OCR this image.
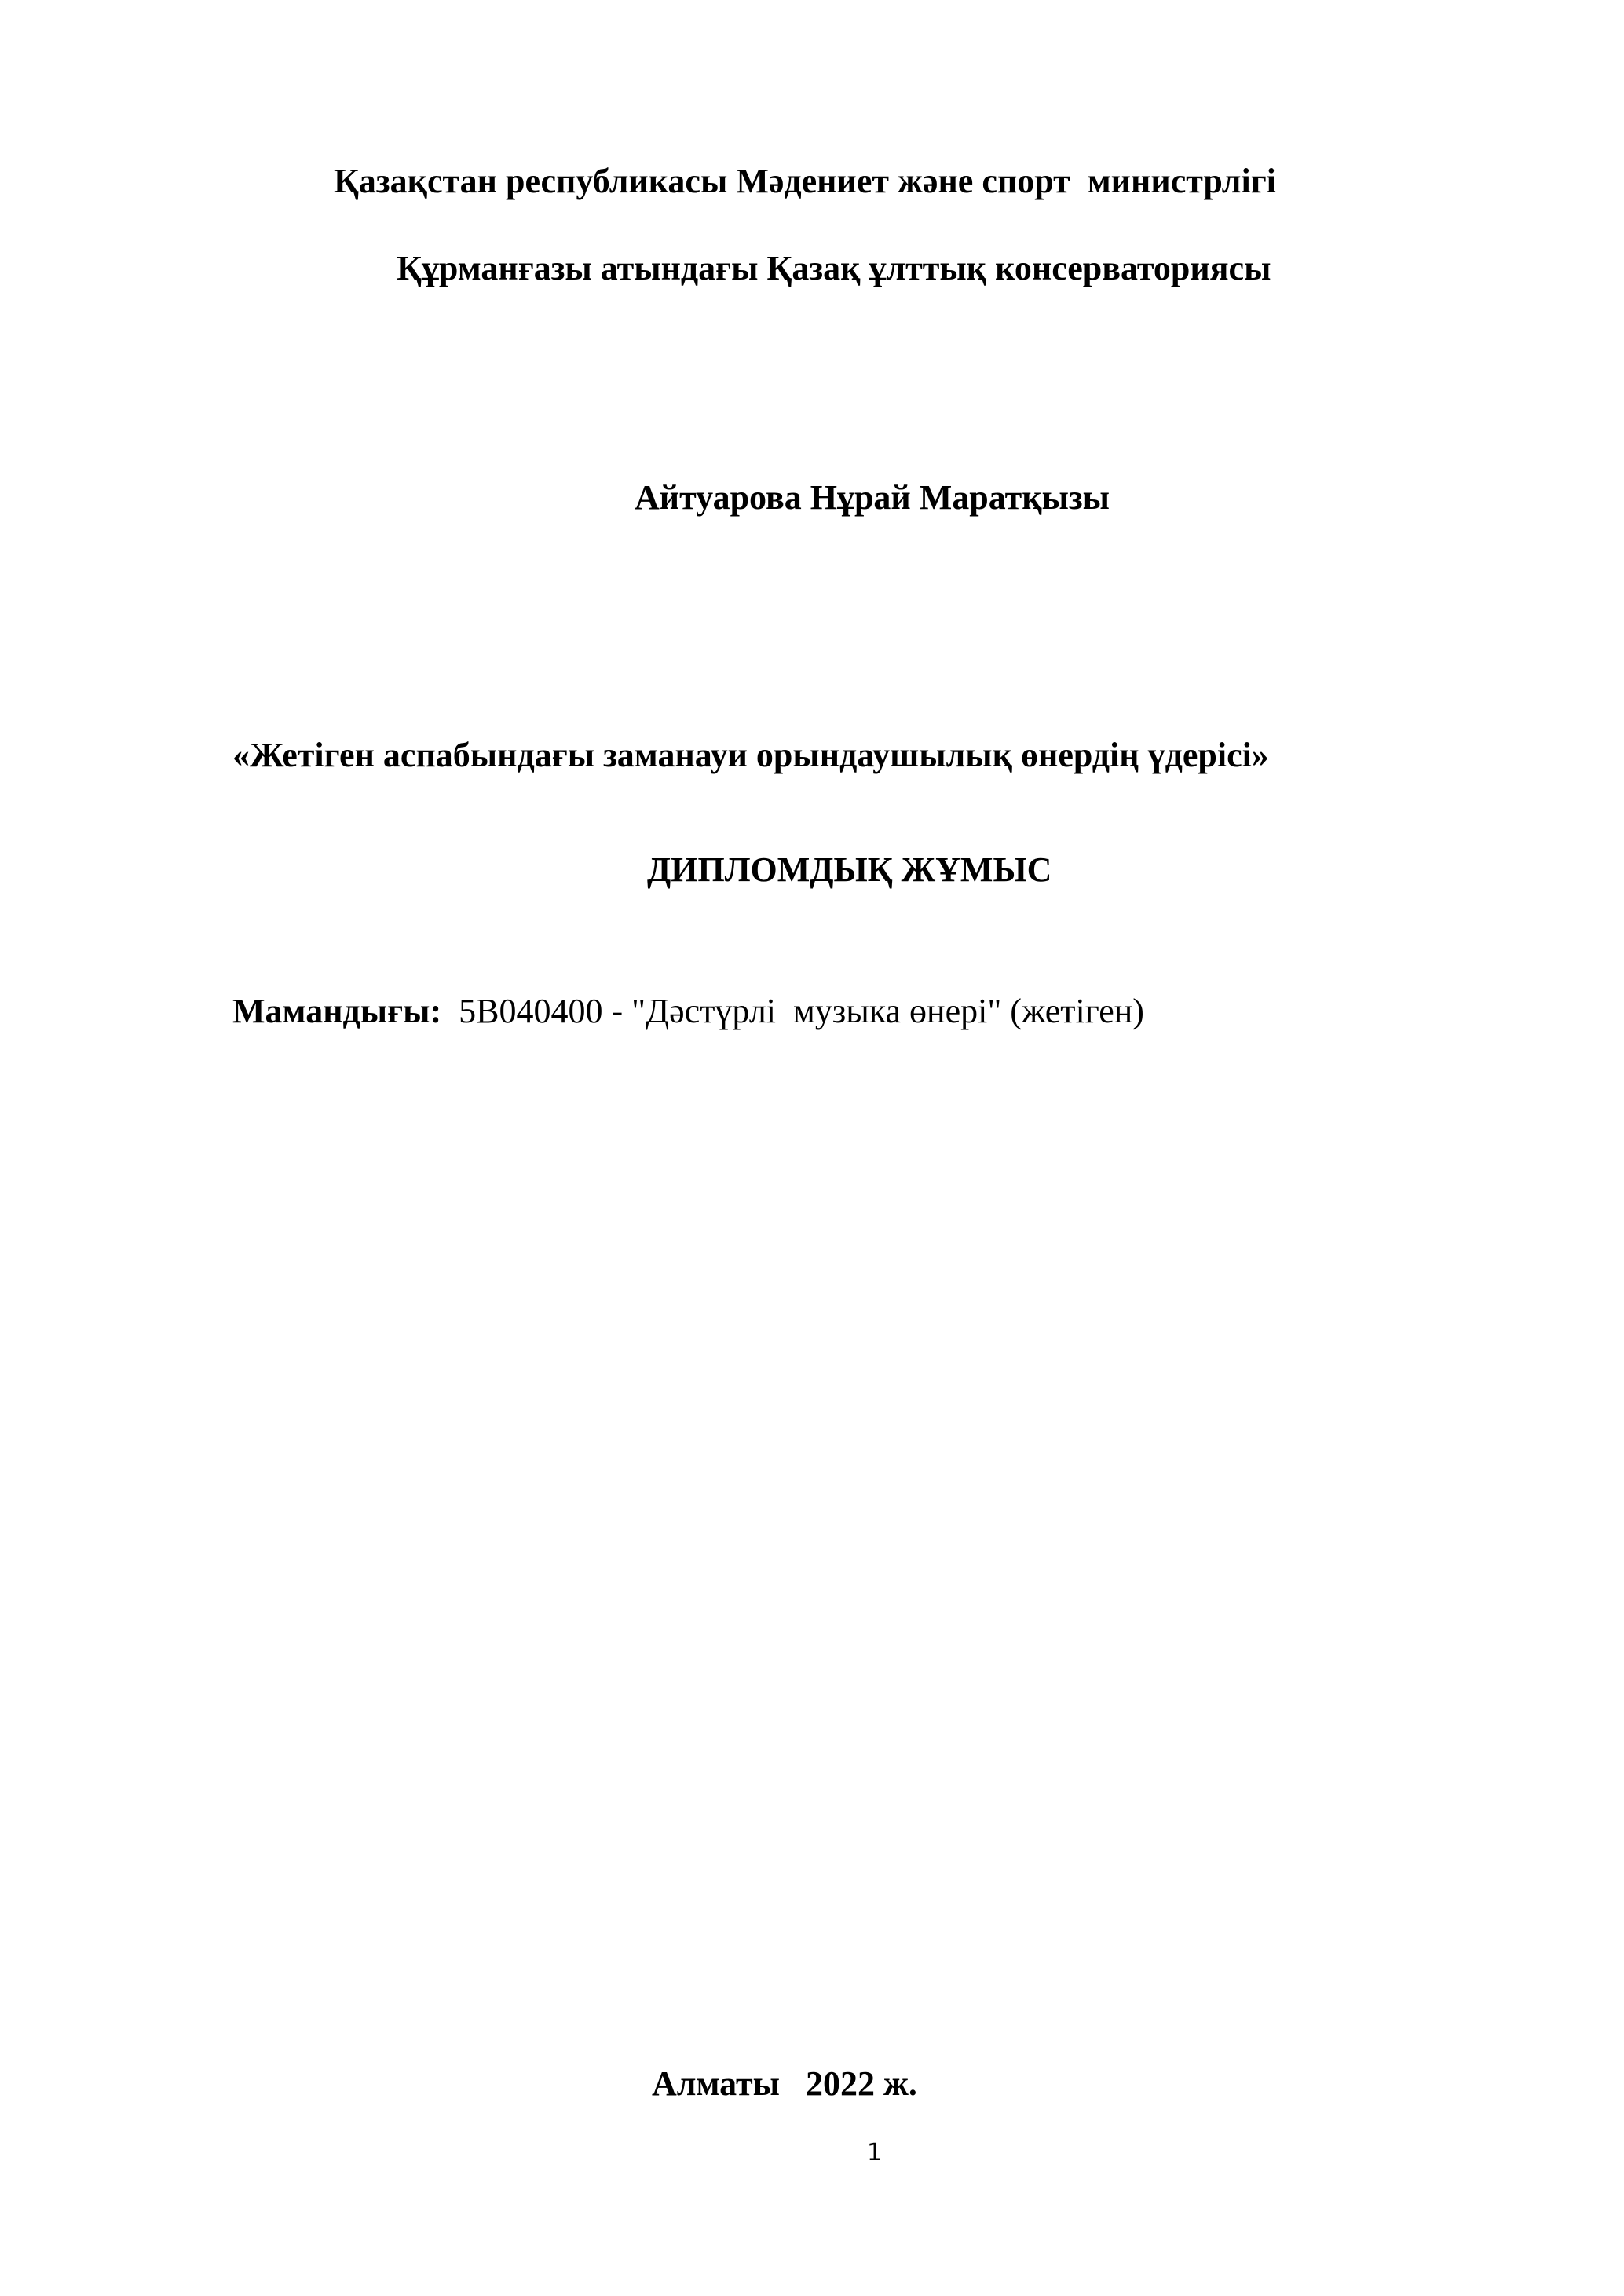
Қазақстан республикасы Мәдениет және спорт  министрлігі
Құрманғазы атындағы Қазақ ұлттық консерваториясы
Айтуарова Нұрай Маратқызы
«Жетіген аспабындағы заманауи орындаушылық өнердің үдерісі»
ДИПЛОМДЫҚ ЖҰМЫС
Мамандығы: 5В040400 - "Дәстүрлі  музыка өнері" (жетіген)
Алматы   2022 ж.
1
